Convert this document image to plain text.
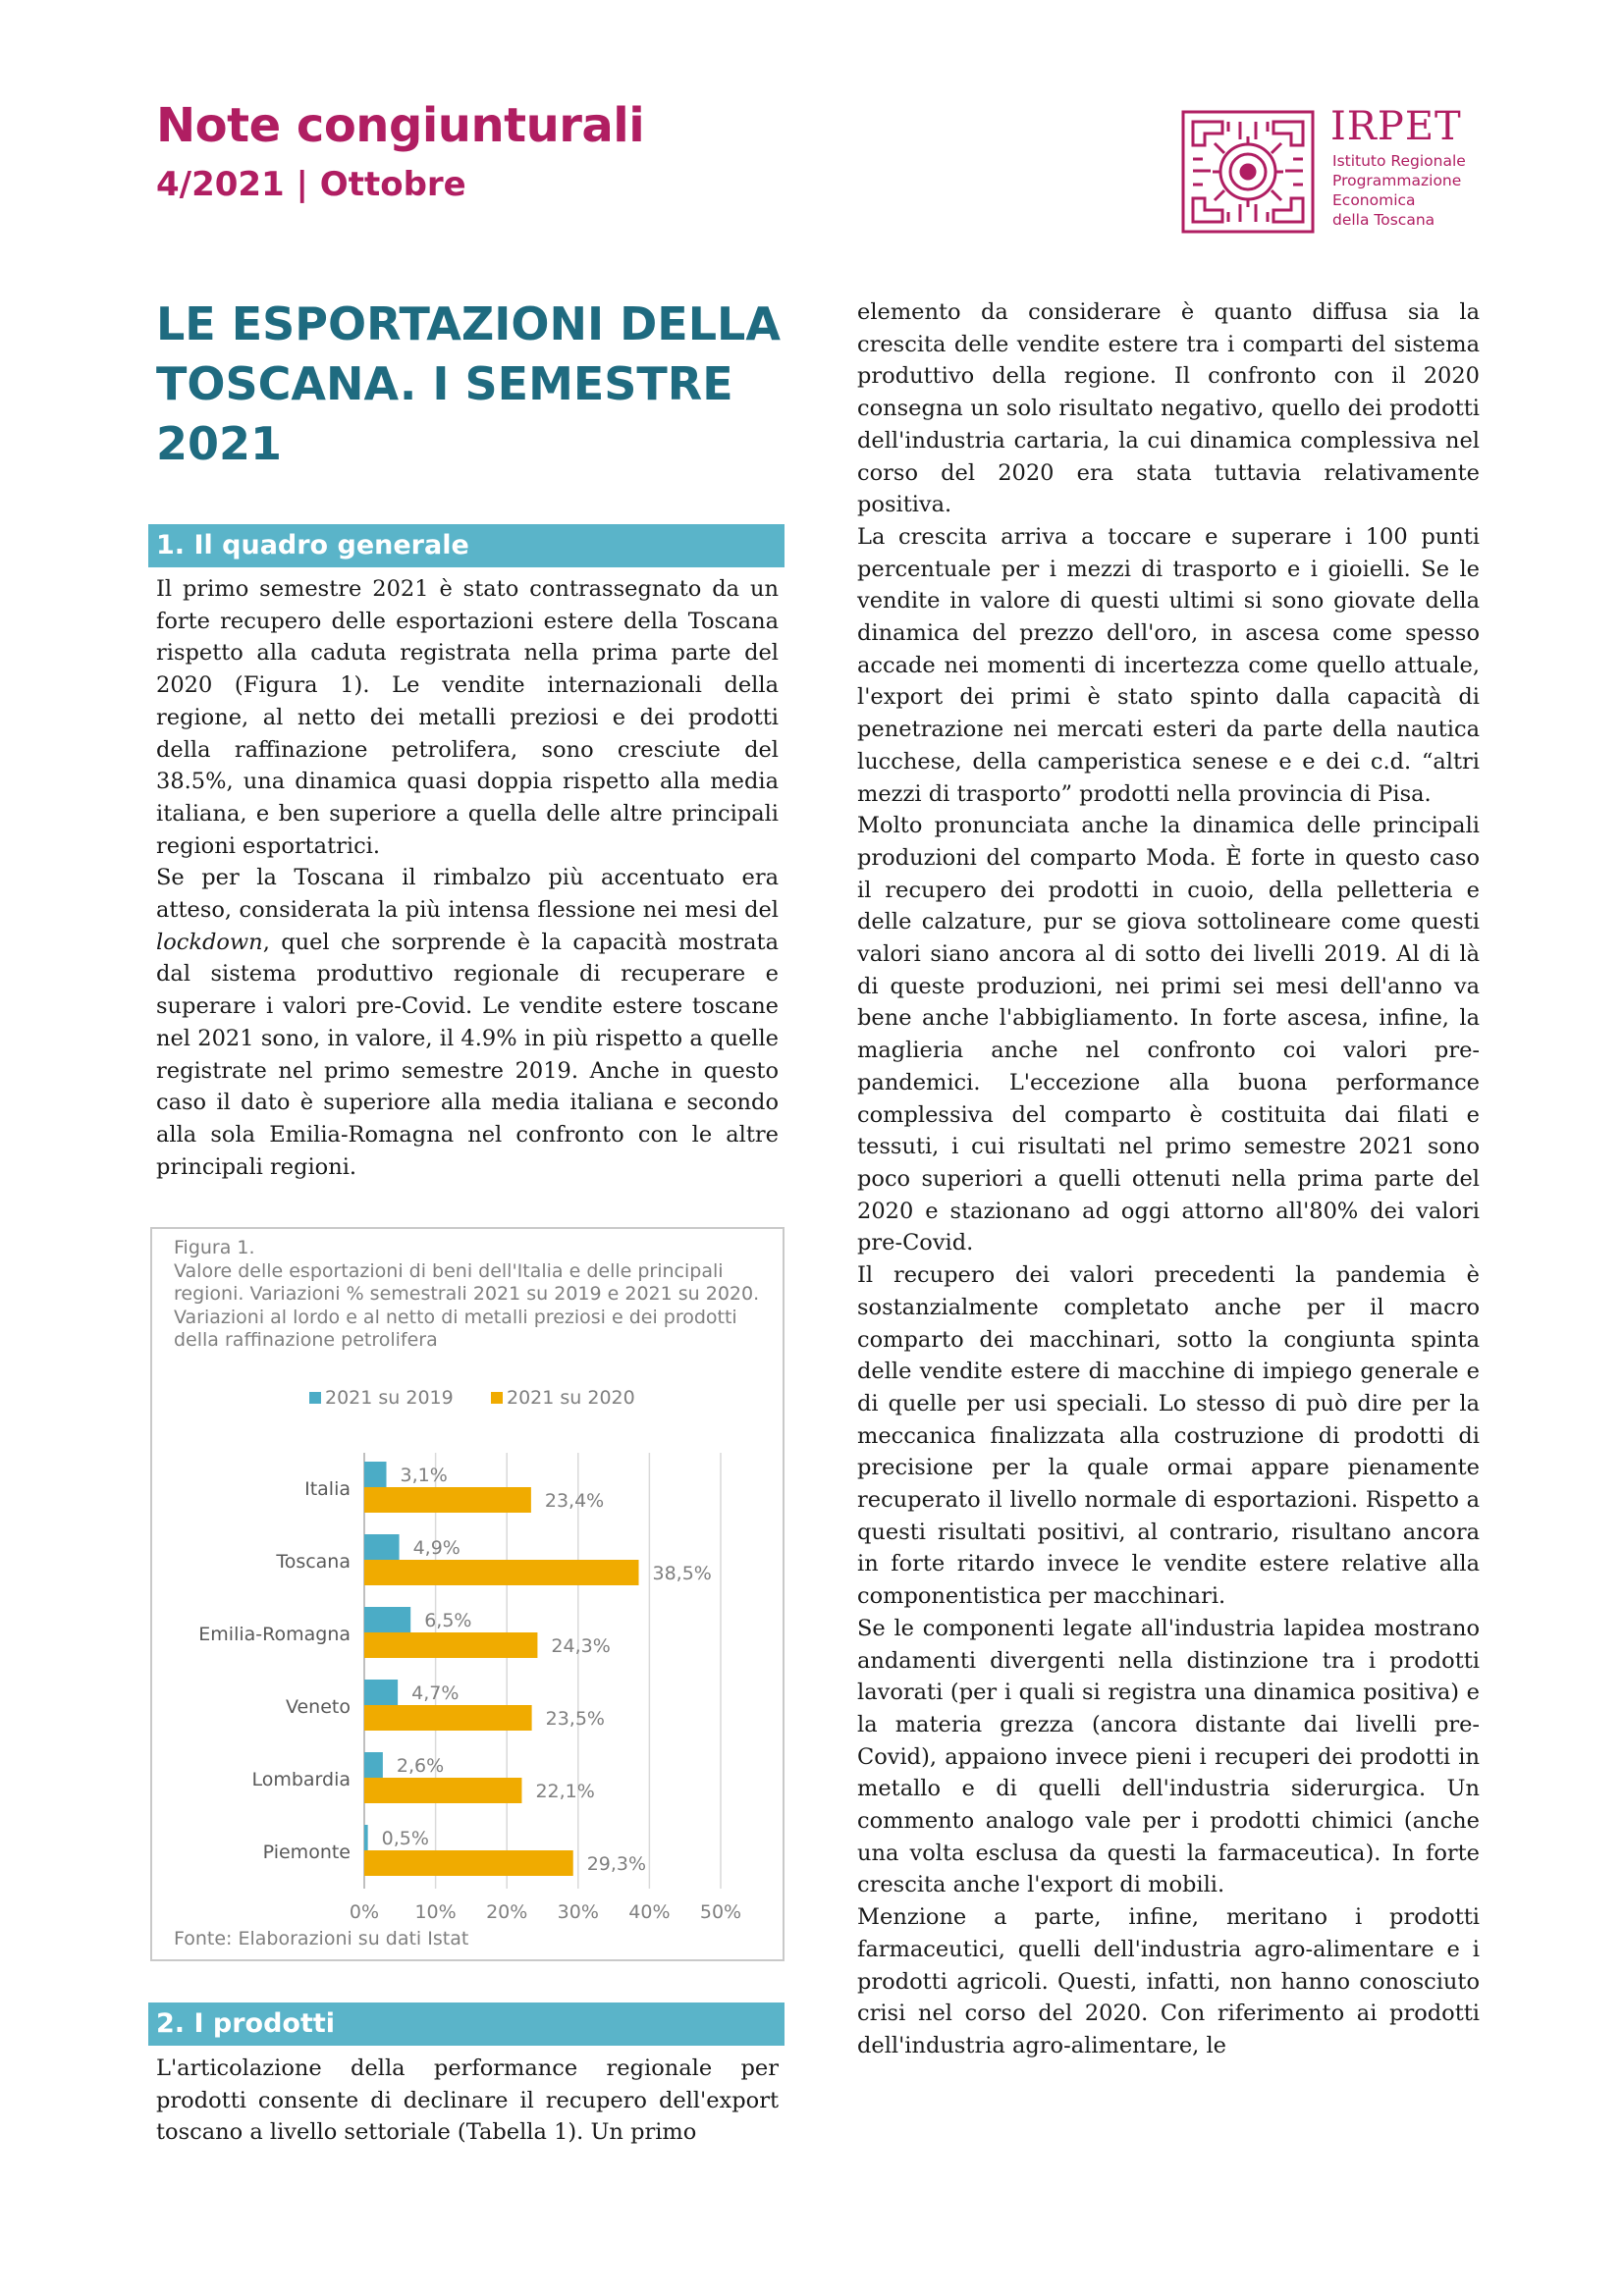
Note congiunturali
4/2021 | Ottobre
IRPET
Istituto Regionale
Programmazione
Economica
della Toscana
LE ESPORTAZIONI DELLA
TOSCANA. I SEMESTRE
2021
1. Il quadro generale

Il primo semestre 2021 è stato contrassegnato da un forte recupero delle esportazioni estere della Toscana rispetto alla caduta registrata nella prima parte del 2020 (Figura 1). Le vendite internazionali della regione, al netto dei metalli preziosi e dei prodotti della raffinazione petrolifera, sono cresciute del 38.5%, una dinamica quasi doppia rispetto alla media italiana, e ben superiore a quella delle altre principali regioni esportatrici.

Se per la Toscana il rimbalzo più accentuato era atteso, considerata la più intensa flessione nei mesi del lockdown, quel che sorprende è la capacità mostrata dal sistema produttivo regionale di recuperare e superare i valori pre-Covid. Le vendite estere toscane nel 2021 sono, in valore, il 4.9% in più rispetto a quelle registrate nel primo semestre 2019. Anche in questo caso il dato è superiore alla media italiana e secondo alla sola Emilia-Romagna nel confronto con le altre principali regioni.

Figura 1.
Valore delle esportazioni di beni dell'Italia e delle principali regioni. Variazioni % semestrali 2021 su 2019 e 2021 su 2020. Variazioni al lordo e al netto di metalli preziosi e dei prodotti della raffinazione petrolifera
0% 10% 20% 30% 40% 50%
2021 su 2019	2021 su 2020
Italia
3,1%
23,4%
Toscana
4,9%
38,5%
Emilia-Romagna
6,5%
24,3%
Veneto
4,7%
23,5%
Lombardia
2,6%
22,1%
Piemonte
0,5%
29,3%
Fonte: Elaborazioni su dati Istat
2. I prodotti

L'articolazione della performance regionale per prodotti consente di declinare il recupero dell'export toscano a livello settoriale (Tabella 1). Un primo

elemento da considerare è quanto diffusa sia la crescita delle vendite estere tra i comparti del sistema produttivo della regione. Il confronto con il 2020 consegna un solo risultato negativo, quello dei prodotti dell'industria cartaria, la cui dinamica complessiva nel corso del 2020 era stata tuttavia relativamente positiva.

La crescita arriva a toccare e superare i 100 punti percentuale per i mezzi di trasporto e i gioielli. Se le vendite in valore di questi ultimi si sono giovate della dinamica del prezzo dell'oro, in ascesa come spesso accade nei momenti di incertezza come quello attuale, l'export dei primi è stato spinto dalla capacità di penetrazione nei mercati esteri da parte della nautica lucchese, della camperistica senese e e dei c.d. “altri mezzi di trasporto” prodotti nella provincia di Pisa.

Molto pronunciata anche la dinamica delle principali produzioni del comparto Moda. È forte in questo caso il recupero dei prodotti in cuoio, della pelletteria e delle calzature, pur se giova sottolineare come questi valori siano ancora al di sotto dei livelli 2019. Al di là di queste produzioni, nei primi sei mesi dell'anno va bene anche l'abbigliamento. In forte ascesa, infine, la maglieria anche nel confronto coi valori pre-pandemici. L'eccezione alla buona performance complessiva del comparto è costituita dai filati e tessuti, i cui risultati nel primo semestre 2021 sono poco superiori a quelli ottenuti nella prima parte del 2020 e stazionano ad oggi attorno all'80% dei valori pre-Covid.

Il recupero dei valori precedenti la pandemia è sostanzialmente completato anche per il macro comparto dei macchinari, sotto la congiunta spinta delle vendite estere di macchine di impiego generale e di quelle per usi speciali. Lo stesso di può dire per la meccanica finalizzata alla costruzione di prodotti di precisione per la quale ormai appare pienamente recuperato il livello normale di esportazioni. Rispetto a questi risultati positivi, al contrario, risultano ancora in forte ritardo invece le vendite estere relative alla componentistica per macchinari.

Se le componenti legate all'industria lapidea mostrano andamenti divergenti nella distinzione tra i prodotti lavorati (per i quali si registra una dinamica positiva) e la materia grezza (ancora distante dai livelli pre-Covid), appaiono invece pieni i recuperi dei prodotti in metallo e di quelli dell'industria siderurgica. Un commento analogo vale per i prodotti chimici (anche una volta esclusa da questi la farmaceutica). In forte crescita anche l'export di mobili.

Menzione a parte, infine, meritano i prodotti farmaceutici, quelli dell'industria agro-alimentare e i prodotti agricoli. Questi, infatti, non hanno conosciuto crisi nel corso del 2020. Con riferimento ai prodotti dell'industria agro-alimentare, le
